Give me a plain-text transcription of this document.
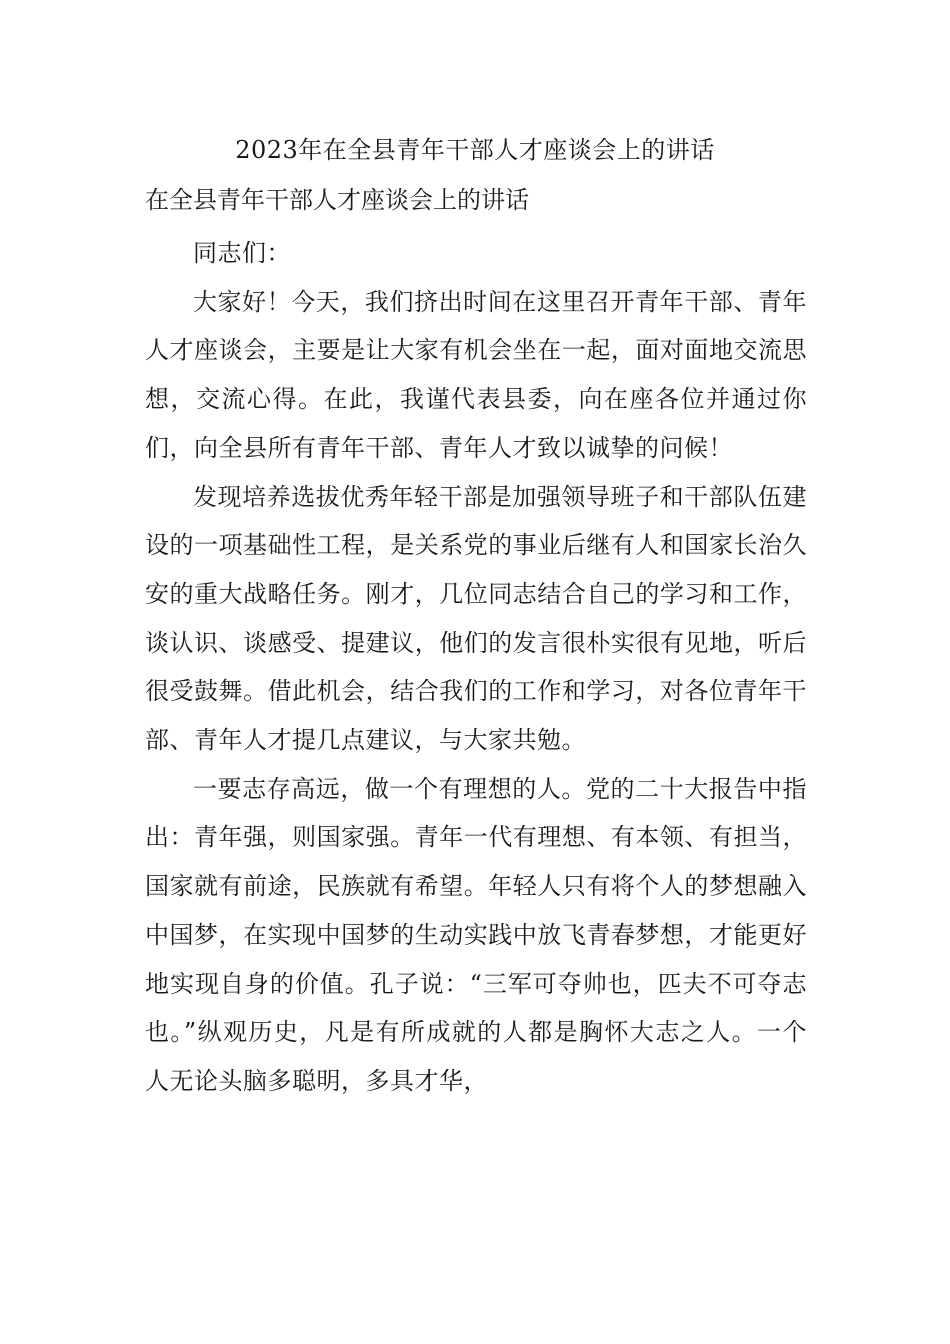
2023年在全县青年干部人才座谈会上的讲话
在全县青年干部人才座谈会上的讲话

同志们：

大家好！今天，我们挤出时间在这里召开青年干部、青年人才座谈会，主要是让大家有机会坐在一起，面对面地交流思想，交流心得。在此，我谨代表县委，向在座各位并通过你们，向全县所有青年干部、青年人才致以诚挚的问候！

发现培养选拔优秀年轻干部是加强领导班子和干部队伍建设的一项基础性工程，是关系党的事业后继有人和国家长治久安的重大战略任务。刚才，几位同志结合自己的学习和工作，谈认识、谈感受、提建议，他们的发言很朴实很有见地，听后很受鼓舞。借此机会，结合我们的工作和学习，对各位青年干部、青年人才提几点建议，与大家共勉。

一要志存高远，做一个有理想的人。党的二十大报告中指出：青年强，则国家强。青年一代有理想、有本领、有担当，国家就有前途，民族就有希望。年轻人只有将个人的梦想融入中国梦，在实现中国梦的生动实践中放飞青春梦想，才能更好地实现自身的价值。孔子说：“三军可夺帅也，匹夫不可夺志也。”纵观历史，凡是有所成就的人都是胸怀大志之人。一个人无论头脑多聪明，多具才华，
